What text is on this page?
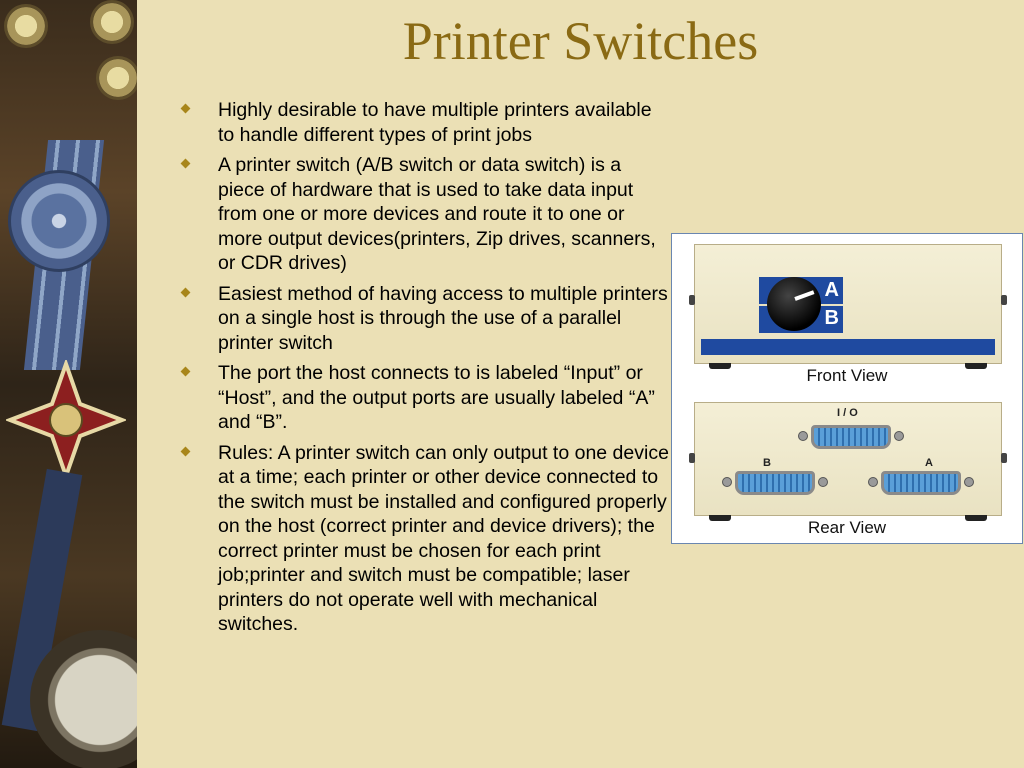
Printer Switches
Highly desirable to have multiple printers available to handle different types of print jobs
A printer switch (A/B switch or data switch) is a piece of hardware that is used to take data input from one or more devices and route it to one or more output devices(printers, Zip drives, scanners, or CDR drives)
Easiest method of having access to multiple printers on a single host is through the use of a parallel printer switch
The port the host connects to is labeled “Input” or “Host”, and the output ports are usually labeled “A” and “B”.
Rules: A printer switch can only output to one device at a time; each printer or other device connected to the switch must be installed and configured properly on the host (correct printer and device drivers); the correct printer must be chosen for each print job;printer and switch must be compatible; laser printers do not operate well with mechanical switches.
A
B
Front View
I / O
B	A
Rear View
